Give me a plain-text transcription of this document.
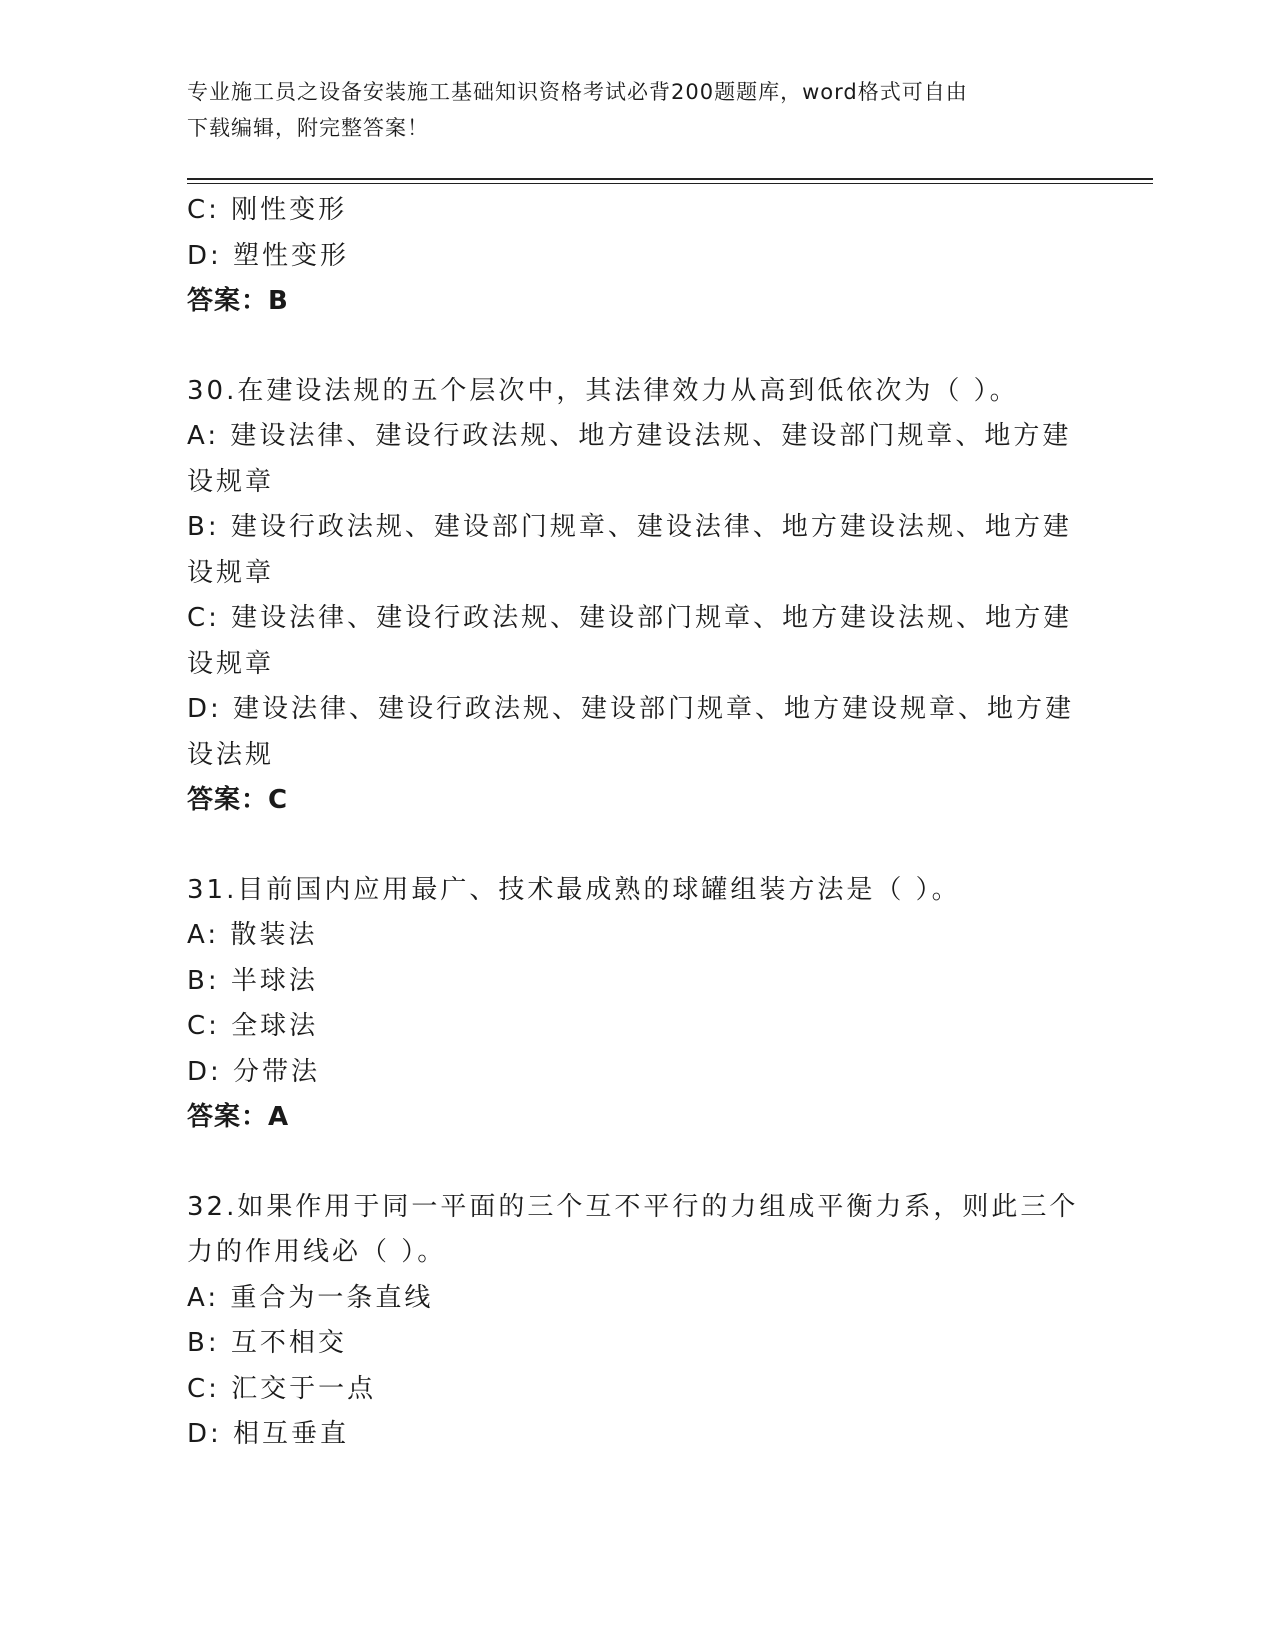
专业施工员之设备安装施工基础知识资格考试必背200题题库，word格式可自由
下载编辑，附完整答案！
C: 刚性变形
D: 塑性变形
答案：B
30.在建设法规的五个层次中，其法律效力从高到低依次为（ ）。
A: 建设法律、建设行政法规、地方建设法规、建设部门规章、地方建
设规章
B: 建设行政法规、建设部门规章、建设法律、地方建设法规、地方建
设规章
C: 建设法律、建设行政法规、建设部门规章、地方建设法规、地方建
设规章
D: 建设法律、建设行政法规、建设部门规章、地方建设规章、地方建
设法规
答案：C
31.目前国内应用最广、技术最成熟的球罐组装方法是（ ）。
A: 散装法
B: 半球法
C: 全球法
D: 分带法
答案：A
32.如果作用于同一平面的三个互不平行的力组成平衡力系，则此三个
力的作用线必（ ）。
A: 重合为一条直线
B: 互不相交
C: 汇交于一点
D: 相互垂直
